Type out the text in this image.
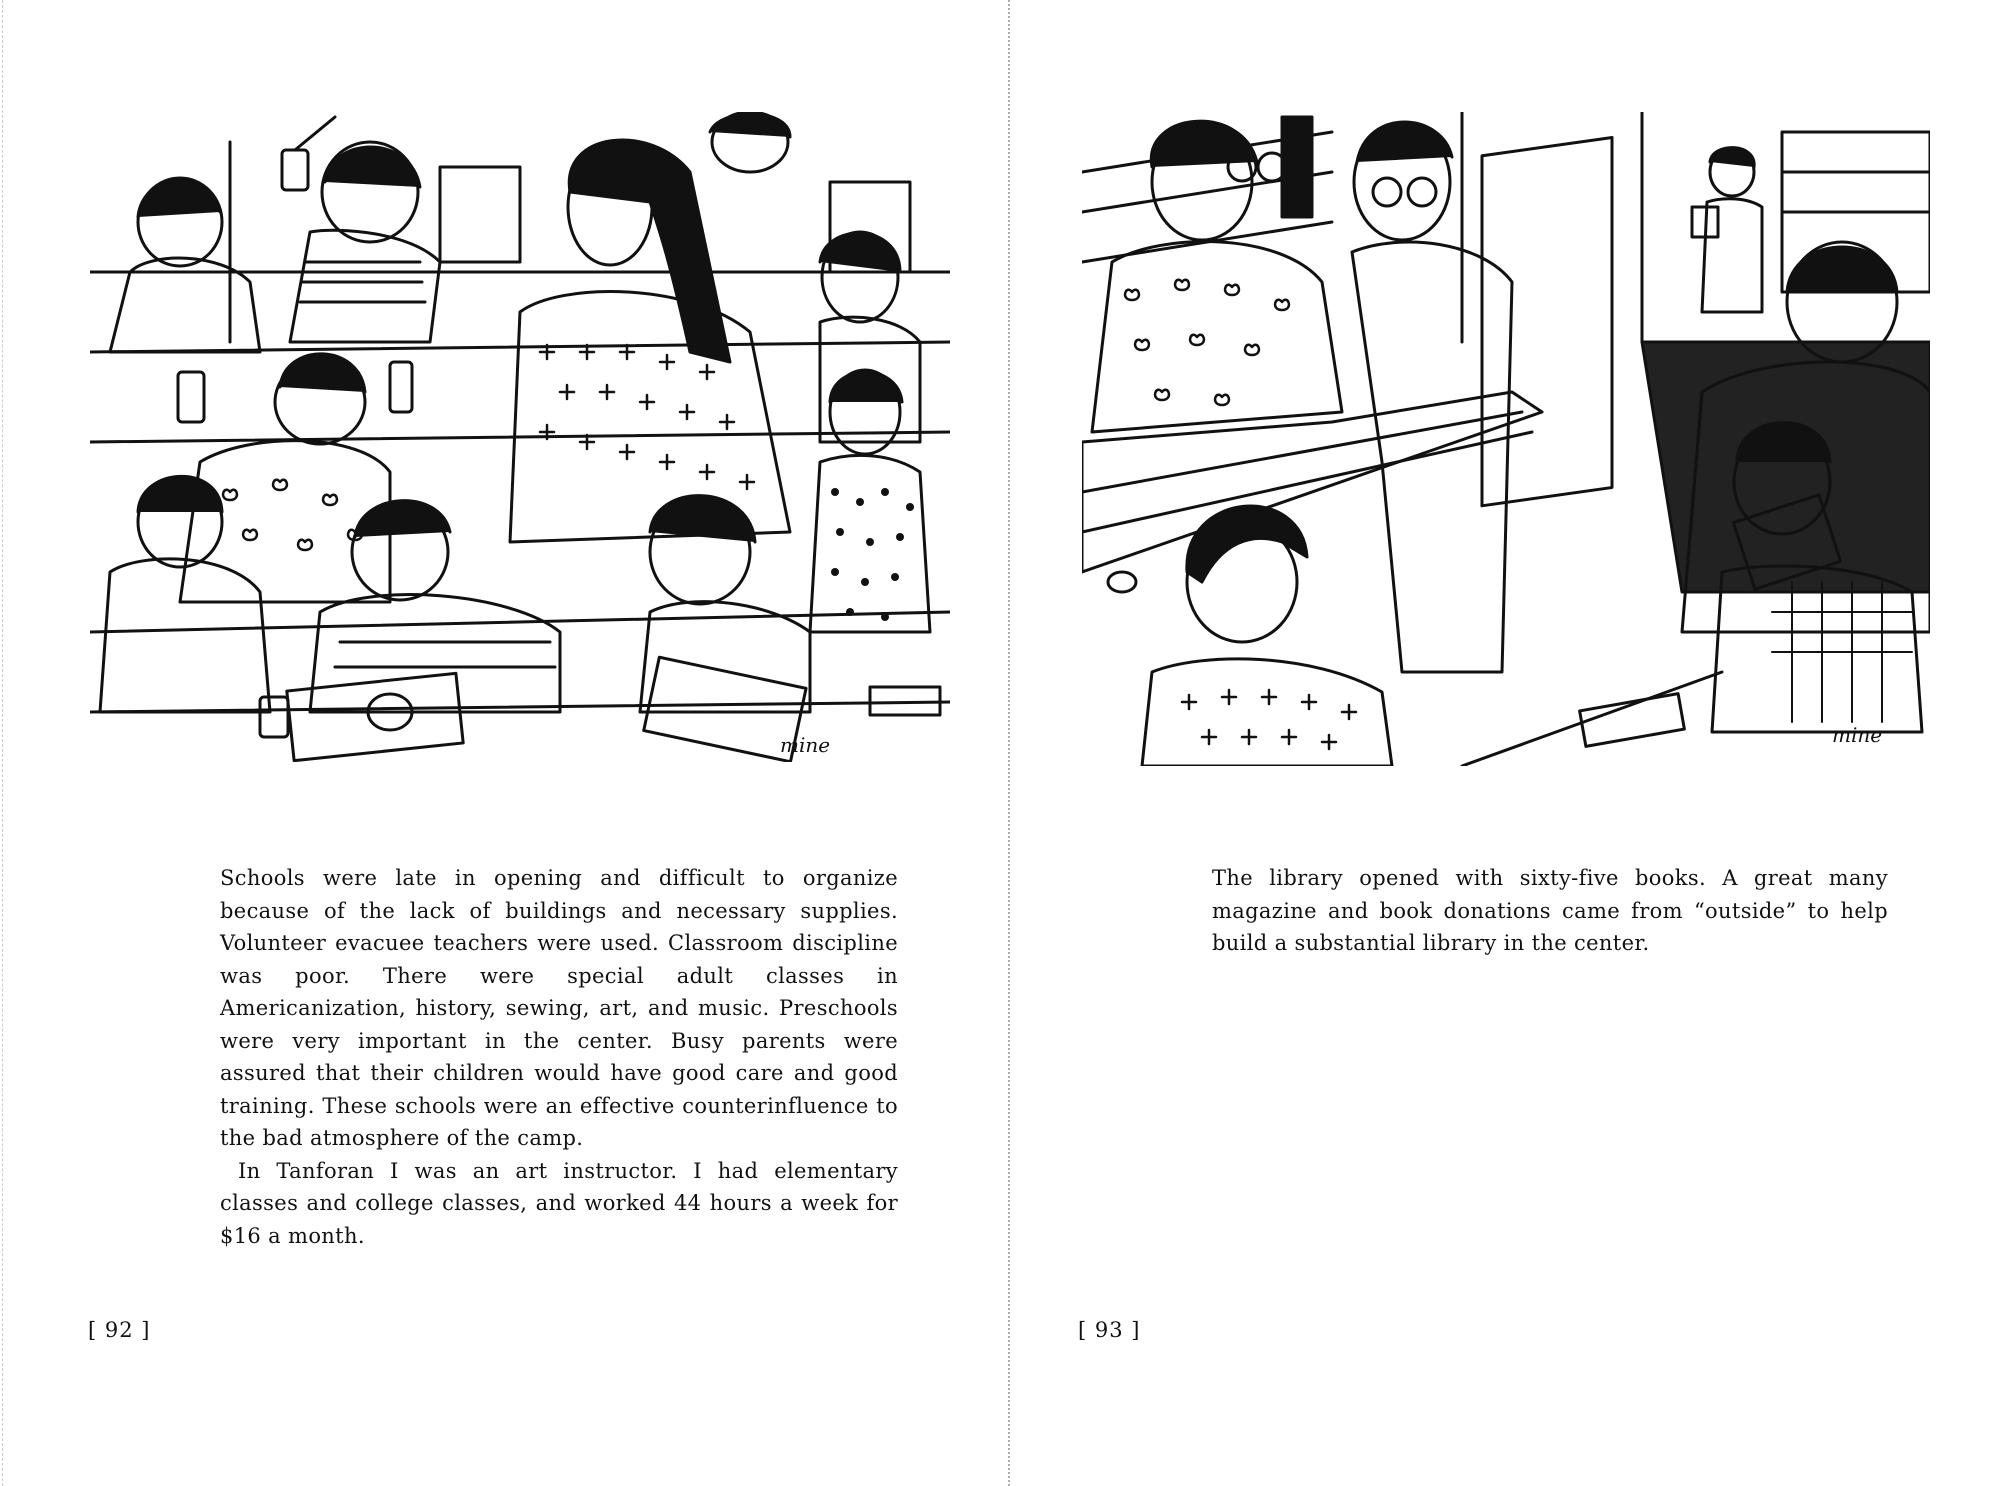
mine

Schools were late in opening and difficult to organize because of the lack of buildings and necessary supplies. Volunteer evacuee teachers were used. Classroom discipline was poor. There were special adult classes in Americanization, history, sewing, art, and music. Preschools were very important in the center. Busy parents were assured that their children would have good care and good training. These schools were an effective counterinfluence to the bad atmosphere of the camp.

In Tanforan I was an art instructor. I had elementary classes and college classes, and worked 44 hours a week for $16 a month.

[ 92 ]
mine

The library opened with sixty-five books. A great many magazine and book donations came from “outside” to help build a substantial library in the center.

[ 93 ]
